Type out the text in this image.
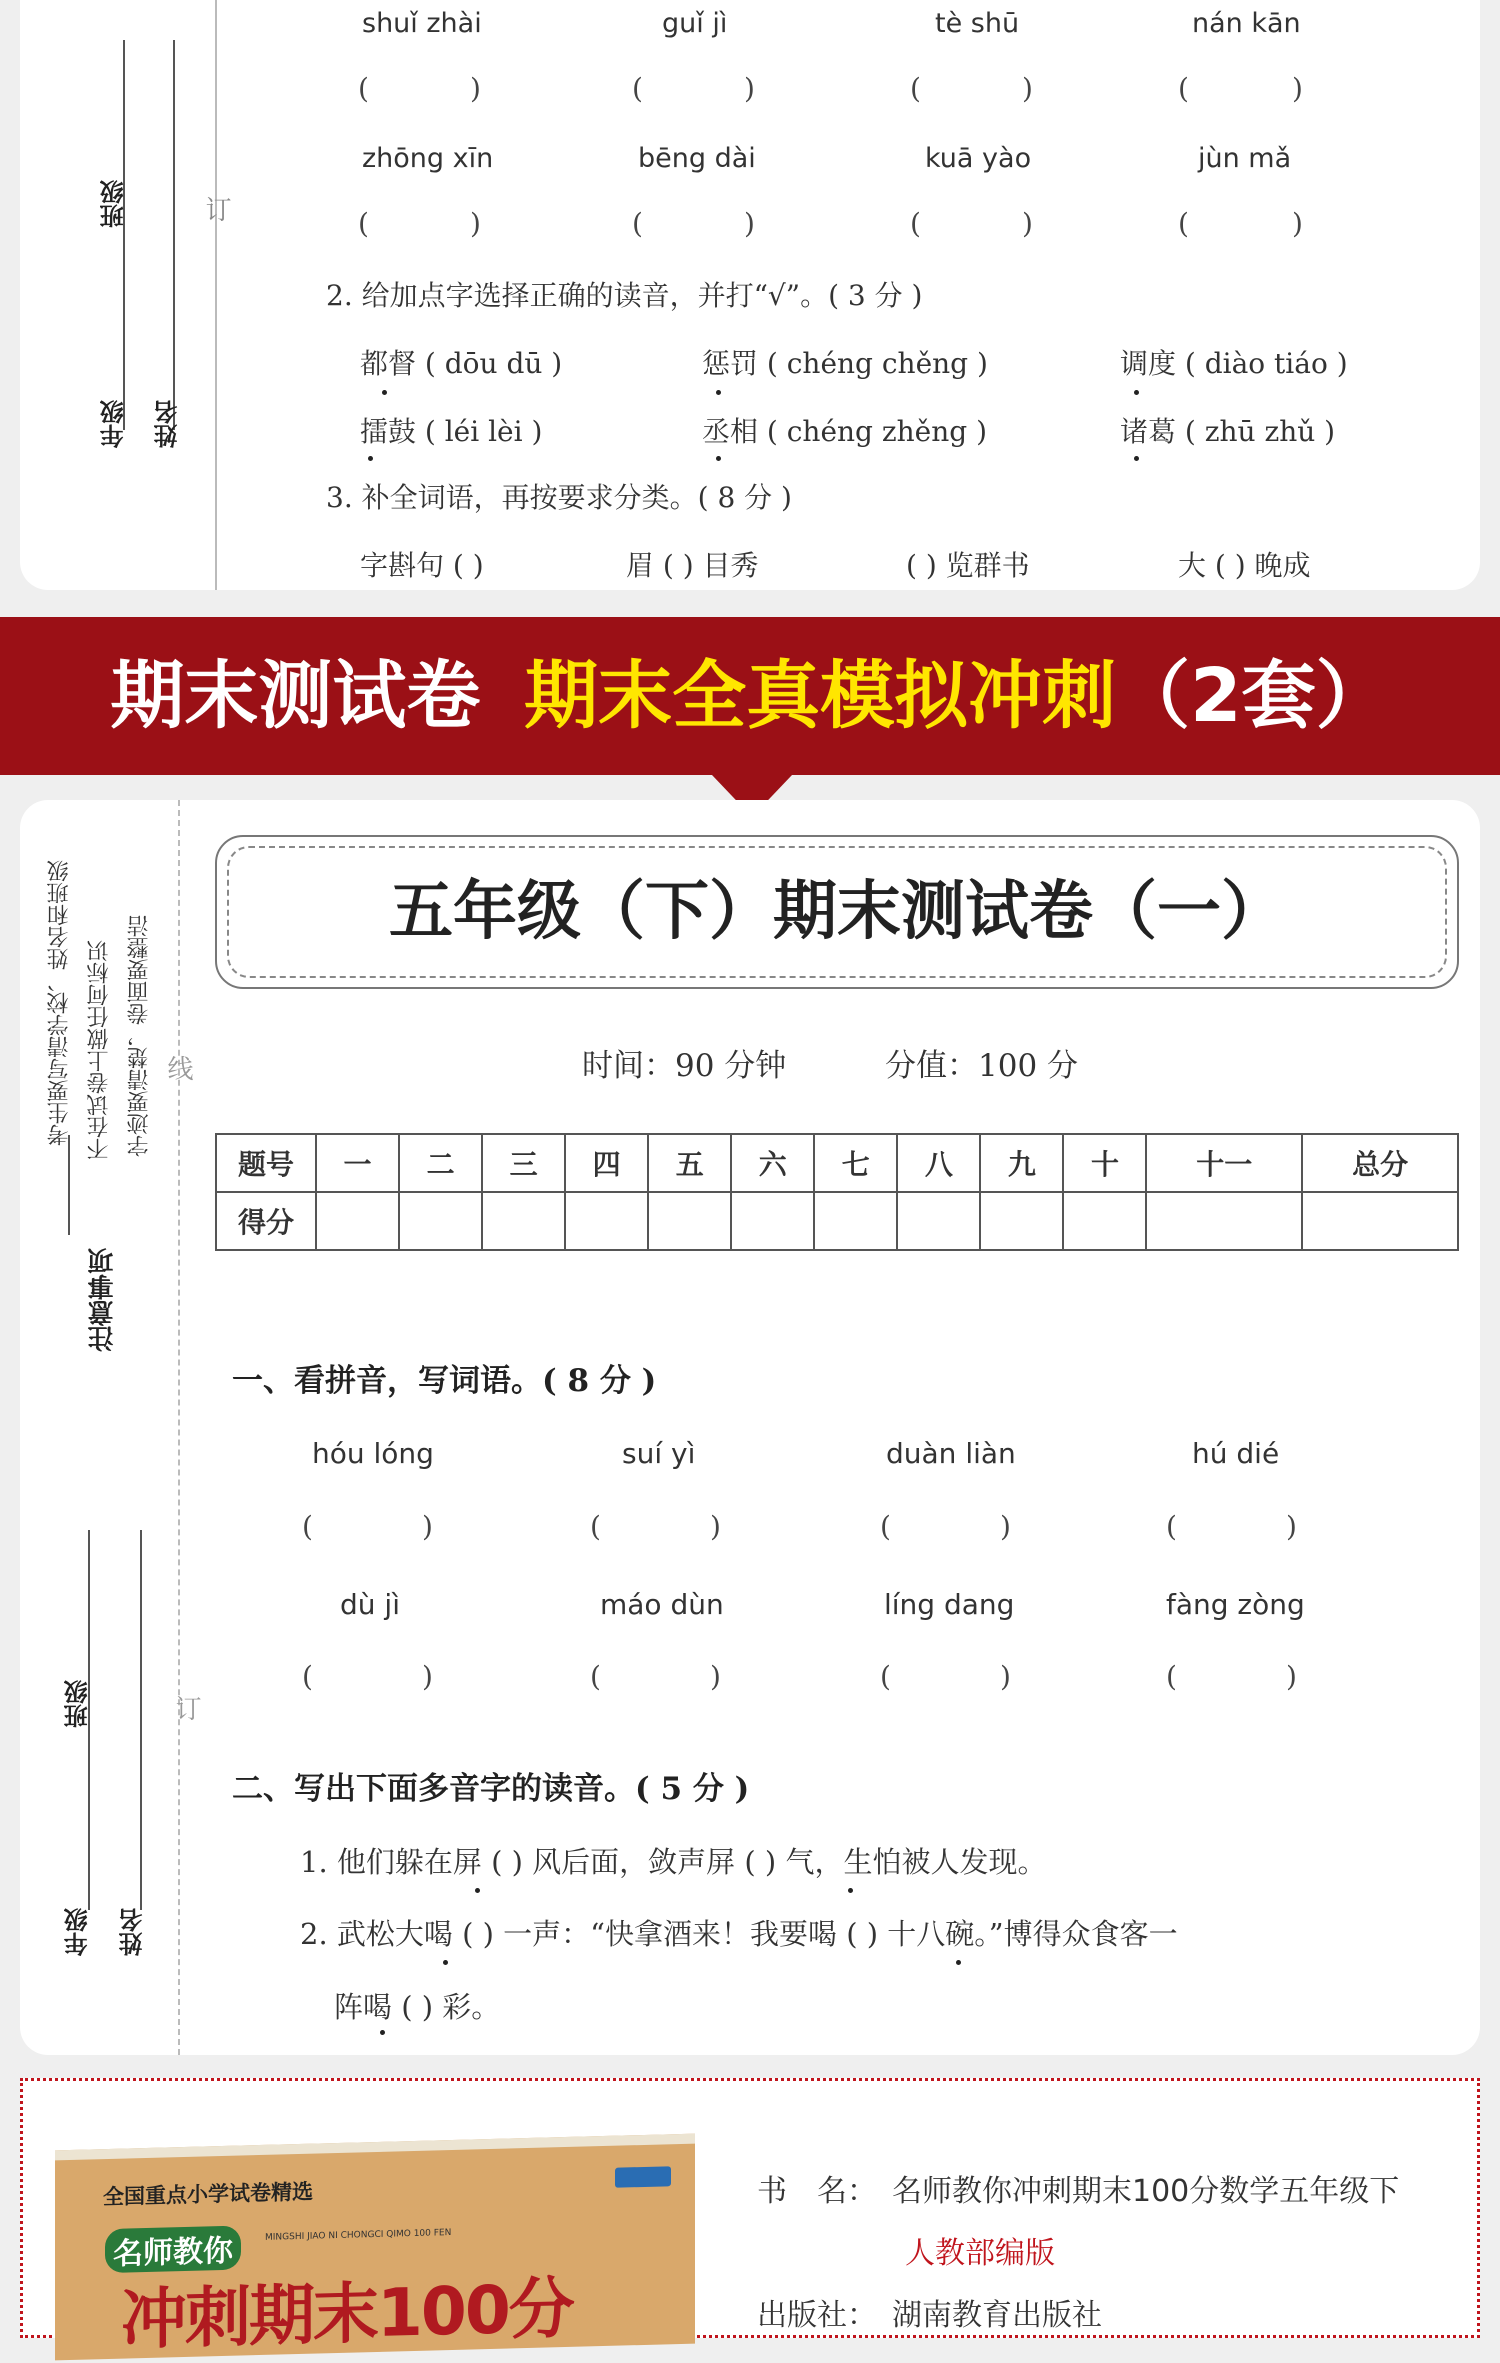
班级
年级 姓名
订
shuǐ zhài	guǐ jì	tè shū	nán kān
(	)	(	)	(	)	(	)
zhōng xīn	bēng dài	kuā yào	jùn mǎ
(	)	(	)	(	)	(	)
2. 给加点字选择正确的读音，并打“√”。( 3 分 )
都督 ( dōu dū )	惩罚 ( chéng chěng )	调度 ( diào tiáo )
擂鼓 ( léi lèi )	丞相 ( chéng zhěng )	诸葛 ( zhū zhǔ )
3. 补全词语，再按要求分类。( 8 分 )
字斟句 ( )	眉 ( ) 目秀	( ) 览群书	大 ( ) 晚成
期末测试卷 期末全真模拟冲刺（2套）
注意事项
考生要写清学校、姓名和班级 不在试卷上做任何标识 字迹要清楚，卷面要整洁 线
订
班级
年级 姓名
五年级（下）期末测试卷（一）
时间：90 分钟	分值：100 分
题号	一	二	三	四	五	六	七	八	九	十	十一	总分
得分												
一、看拼音，写词语。( 8 分 )
hóu lóng	suí yì	duàn liàn	hú dié
(	)	(	)	(	)	(	)
dù jì	máo dùn	líng dang	fàng zòng
(	)	(	)	(	)	(	)
二、写出下面多音字的读音。( 5 分 )
1. 他们躲在屏 ( ) 风后面，敛声屏 ( ) 气，生怕被人发现。
2. 武松大喝 ( ) 一声：“快拿酒来！我要喝 ( ) 十八碗。”博得众食客一
阵喝 ( ) 彩。
全国重点小学试卷精选
名师教你	MINGSHI JIAO NI CHONGCI QIMO 100 FEN
冲刺期末100分
书　名： 名师教你冲刺期末100分数学五年级下
人教部编版
出版社： 湖南教育出版社
